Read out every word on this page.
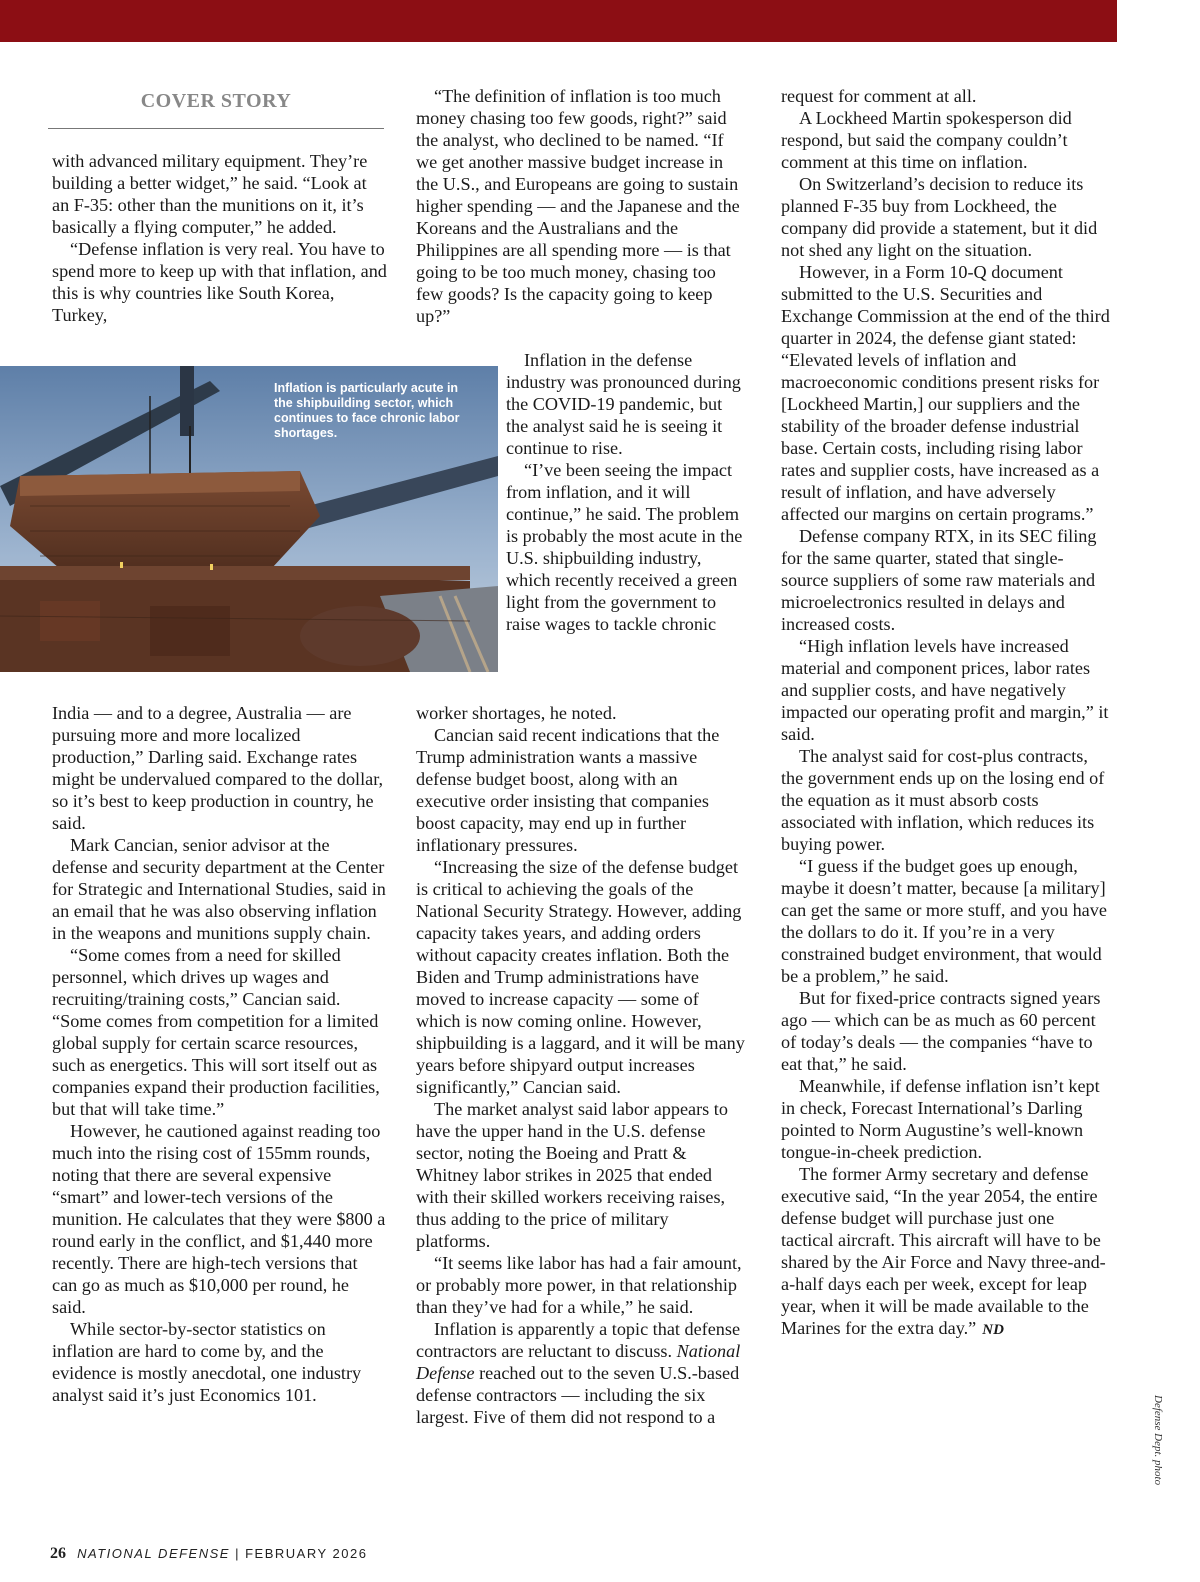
COVER STORY

with advanced military equipment. They’re building a better widget,” he said. “Look at an F-35: other than the munitions on it, it’s basically a flying computer,” he added.

“Defense inflation is very real. You have to spend more to keep up with that inflation, and this is why countries like South Korea, Turkey,

Inflation is particularly acute in the shipbuilding sector, which continues to face chronic labor shortages.

India — and to a degree, Australia — are pursuing more and more localized production,” Darling said. Exchange rates might be undervalued compared to the dollar, so it’s best to keep production in country, he said.

Mark Cancian, senior advisor at the defense and security department at the Center for Strategic and International Studies, said in an email that he was also observing inflation in the weapons and munitions supply chain.

“Some comes from a need for skilled personnel, which drives up wages and recruiting/training costs,” Cancian said. “Some comes from competition for a limited global supply for certain scarce resources, such as energetics. This will sort itself out as companies expand their production facilities, but that will take time.”

However, he cautioned against reading too much into the rising cost of 155mm rounds, noting that there are several expensive “smart” and lower-tech versions of the munition. He calculates that they were $800 a round early in the conflict, and $1,440 more recently. There are high-tech versions that can go as much as $10,000 per round, he said.

While sector-by-sector statistics on inflation are hard to come by, and the evidence is mostly anecdotal, one industry analyst said it’s just Economics 101.

“The definition of inflation is too much money chasing too few goods, right?” said the analyst, who declined to be named. “If we get another massive budget increase in the U.S., and Europeans are going to sustain higher spending — and the Japanese and the Koreans and the Australians and the Philippines are all spending more — is that going to be too much money, chasing too few goods? Is the capacity going to keep up?”

Inflation in the defense industry was pronounced during the COVID-19 pandemic, but the analyst said he is seeing it continue to rise.

“I’ve been seeing the impact from inflation, and it will continue,” he said. The problem is probably the most acute in the U.S. shipbuilding industry, which recently received a green light from the government to raise wages to tackle chronic

worker shortages, he noted.

Cancian said recent indications that the Trump administration wants a massive defense budget boost, along with an executive order insisting that companies boost capacity, may end up in further inflationary pressures.

“Increasing the size of the defense budget is critical to achieving the goals of the National Security Strategy. However, adding capacity takes years, and adding orders without capacity creates inflation. Both the Biden and Trump administrations have moved to increase capacity — some of which is now coming online. However, shipbuilding is a laggard, and it will be many years before shipyard output increases significantly,” Cancian said.

The market analyst said labor appears to have the upper hand in the U.S. defense sector, noting the Boeing and Pratt & Whitney labor strikes in 2025 that ended with their skilled workers receiving raises, thus adding to the price of military platforms.

“It seems like labor has had a fair amount, or probably more power, in that relationship than they’ve had for a while,” he said.

Inflation is apparently a topic that defense contractors are reluctant to discuss. National Defense reached out to the seven U.S.-based defense contractors — including the six largest. Five of them did not respond to a

request for comment at all.

A Lockheed Martin spokesperson did respond, but said the company couldn’t comment at this time on inflation.

On Switzerland’s decision to reduce its planned F-35 buy from Lockheed, the company did provide a statement, but it did not shed any light on the situation.

However, in a Form 10-Q document submitted to the U.S. Securities and Exchange Commission at the end of the third quarter in 2024, the defense giant stated: “Elevated levels of inflation and macroeconomic conditions present risks for [Lockheed Martin,] our suppliers and the stability of the broader defense industrial base. Certain costs, including rising labor rates and supplier costs, have increased as a result of inflation, and have adversely affected our margins on certain programs.”

Defense company RTX, in its SEC filing for the same quarter, stated that single-source suppliers of some raw materials and microelectronics resulted in delays and increased costs.

“High inflation levels have increased material and component prices, labor rates and supplier costs, and have negatively impacted our operating profit and margin,” it said.

The analyst said for cost-plus contracts, the government ends up on the losing end of the equation as it must absorb costs associated with inflation, which reduces its buying power.

“I guess if the budget goes up enough, maybe it doesn’t matter, because [a military] can get the same or more stuff, and you have the dollars to do it. If you’re in a very constrained budget environment, that would be a problem,” he said.

But for fixed-price contracts signed years ago — which can be as much as 60 percent of today’s deals — the companies “have to eat that,” he said.

Meanwhile, if defense inflation isn’t kept in check, Forecast International’s Darling pointed to Norm Augustine’s well-known tongue-in-cheek prediction.

The former Army secretary and defense executive said, “In the year 2054, the entire defense budget will purchase just one tactical aircraft. This aircraft will have to be shared by the Air Force and Navy three-and-a-half days each per week, except for leap year, when it will be made available to the Marines for the extra day.” ND

Defense Dept. photo
26 NATIONAL DEFENSE | FEBRUARY 2026
